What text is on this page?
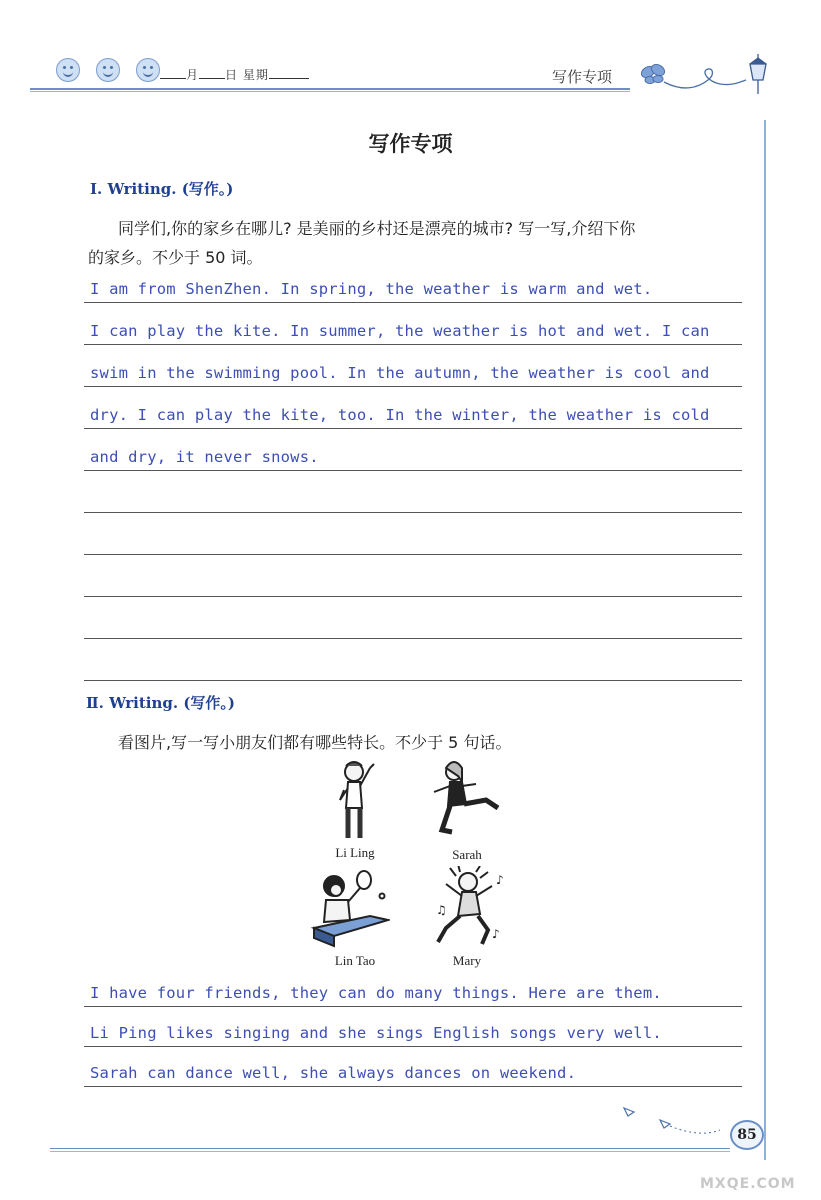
月 日 星期	写作专项
写作专项
Ⅰ. Writing. (写作。)
同学们,你的家乡在哪儿? 是美丽的乡村还是漂亮的城市? 写一写,介绍下你
的家乡。不少于 50 词。
I am from ShenZhen. In spring, the weather is warm and wet.
I can play the kite. In summer, the weather is hot and wet. I can
swim in the swimming pool. In the autumn, the weather is cool and
dry. I can play the kite, too. In the winter, the weather is cold
and dry, it never snows.
Ⅱ. Writing. (写作。)
看图片,写一写小朋友们都有哪些特长。不少于 5 句话。
Li Ling	Sarah
Lin Tao
♪
♫
♪
Mary
I have four friends, they can do many things. Here are them.
Li Ping likes singing and she sings English songs very well.
Sarah can dance well, she always dances on weekend.
85
MXQE.COM
